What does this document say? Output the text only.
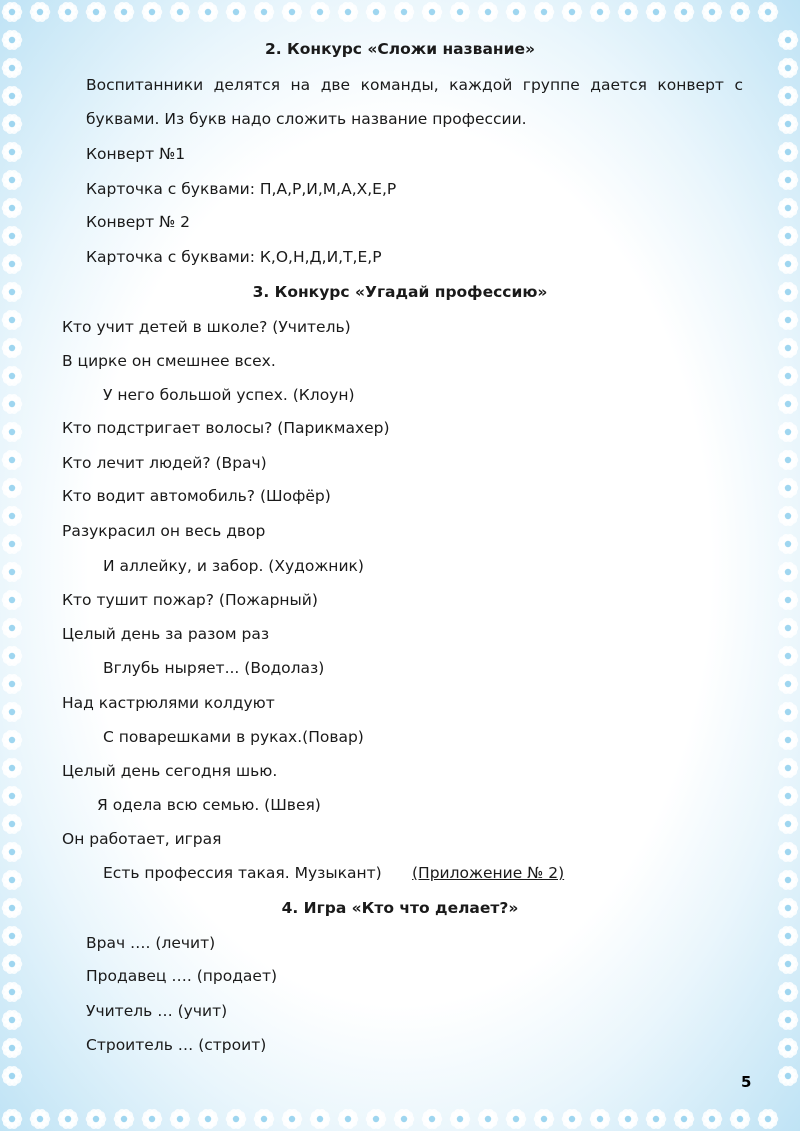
2. Конкурс «Сложи название»
Воспитанники делятся на две команды, каждой группе дается конверт с
буквами. Из букв надо сложить название профессии.
Конверт №1
Карточка с буквами: П,А,Р,И,М,А,Х,Е,Р
Конверт № 2
Карточка с буквами: К,О,Н,Д,И,Т,Е,Р
3. Конкурс «Угадай профессию»
Кто учит детей в школе? (Учитель)
В цирке он смешнее всех.
У него большой успех. (Клоун)
Кто подстригает волосы? (Парикмахер)
Кто лечит людей? (Врач)
Кто водит автомобиль? (Шофёр)
Разукрасил он весь двор
И аллейку, и забор. (Художник)
Кто тушит пожар? (Пожарный)
Целый день за разом раз
Вглубь ныряет... (Водолаз)
Над кастрюлями колдуют
С поварешками в руках.(Повар)
Целый день сегодня шью.
Я одела всю семью. (Швея)
Он работает, играя
Есть профессия такая. Музыкант) (Приложение № 2)
4. Игра «Кто что делает?»
Врач …. (лечит)
Продавец …. (продает)
Учитель … (учит)
Строитель … (строит)
5
